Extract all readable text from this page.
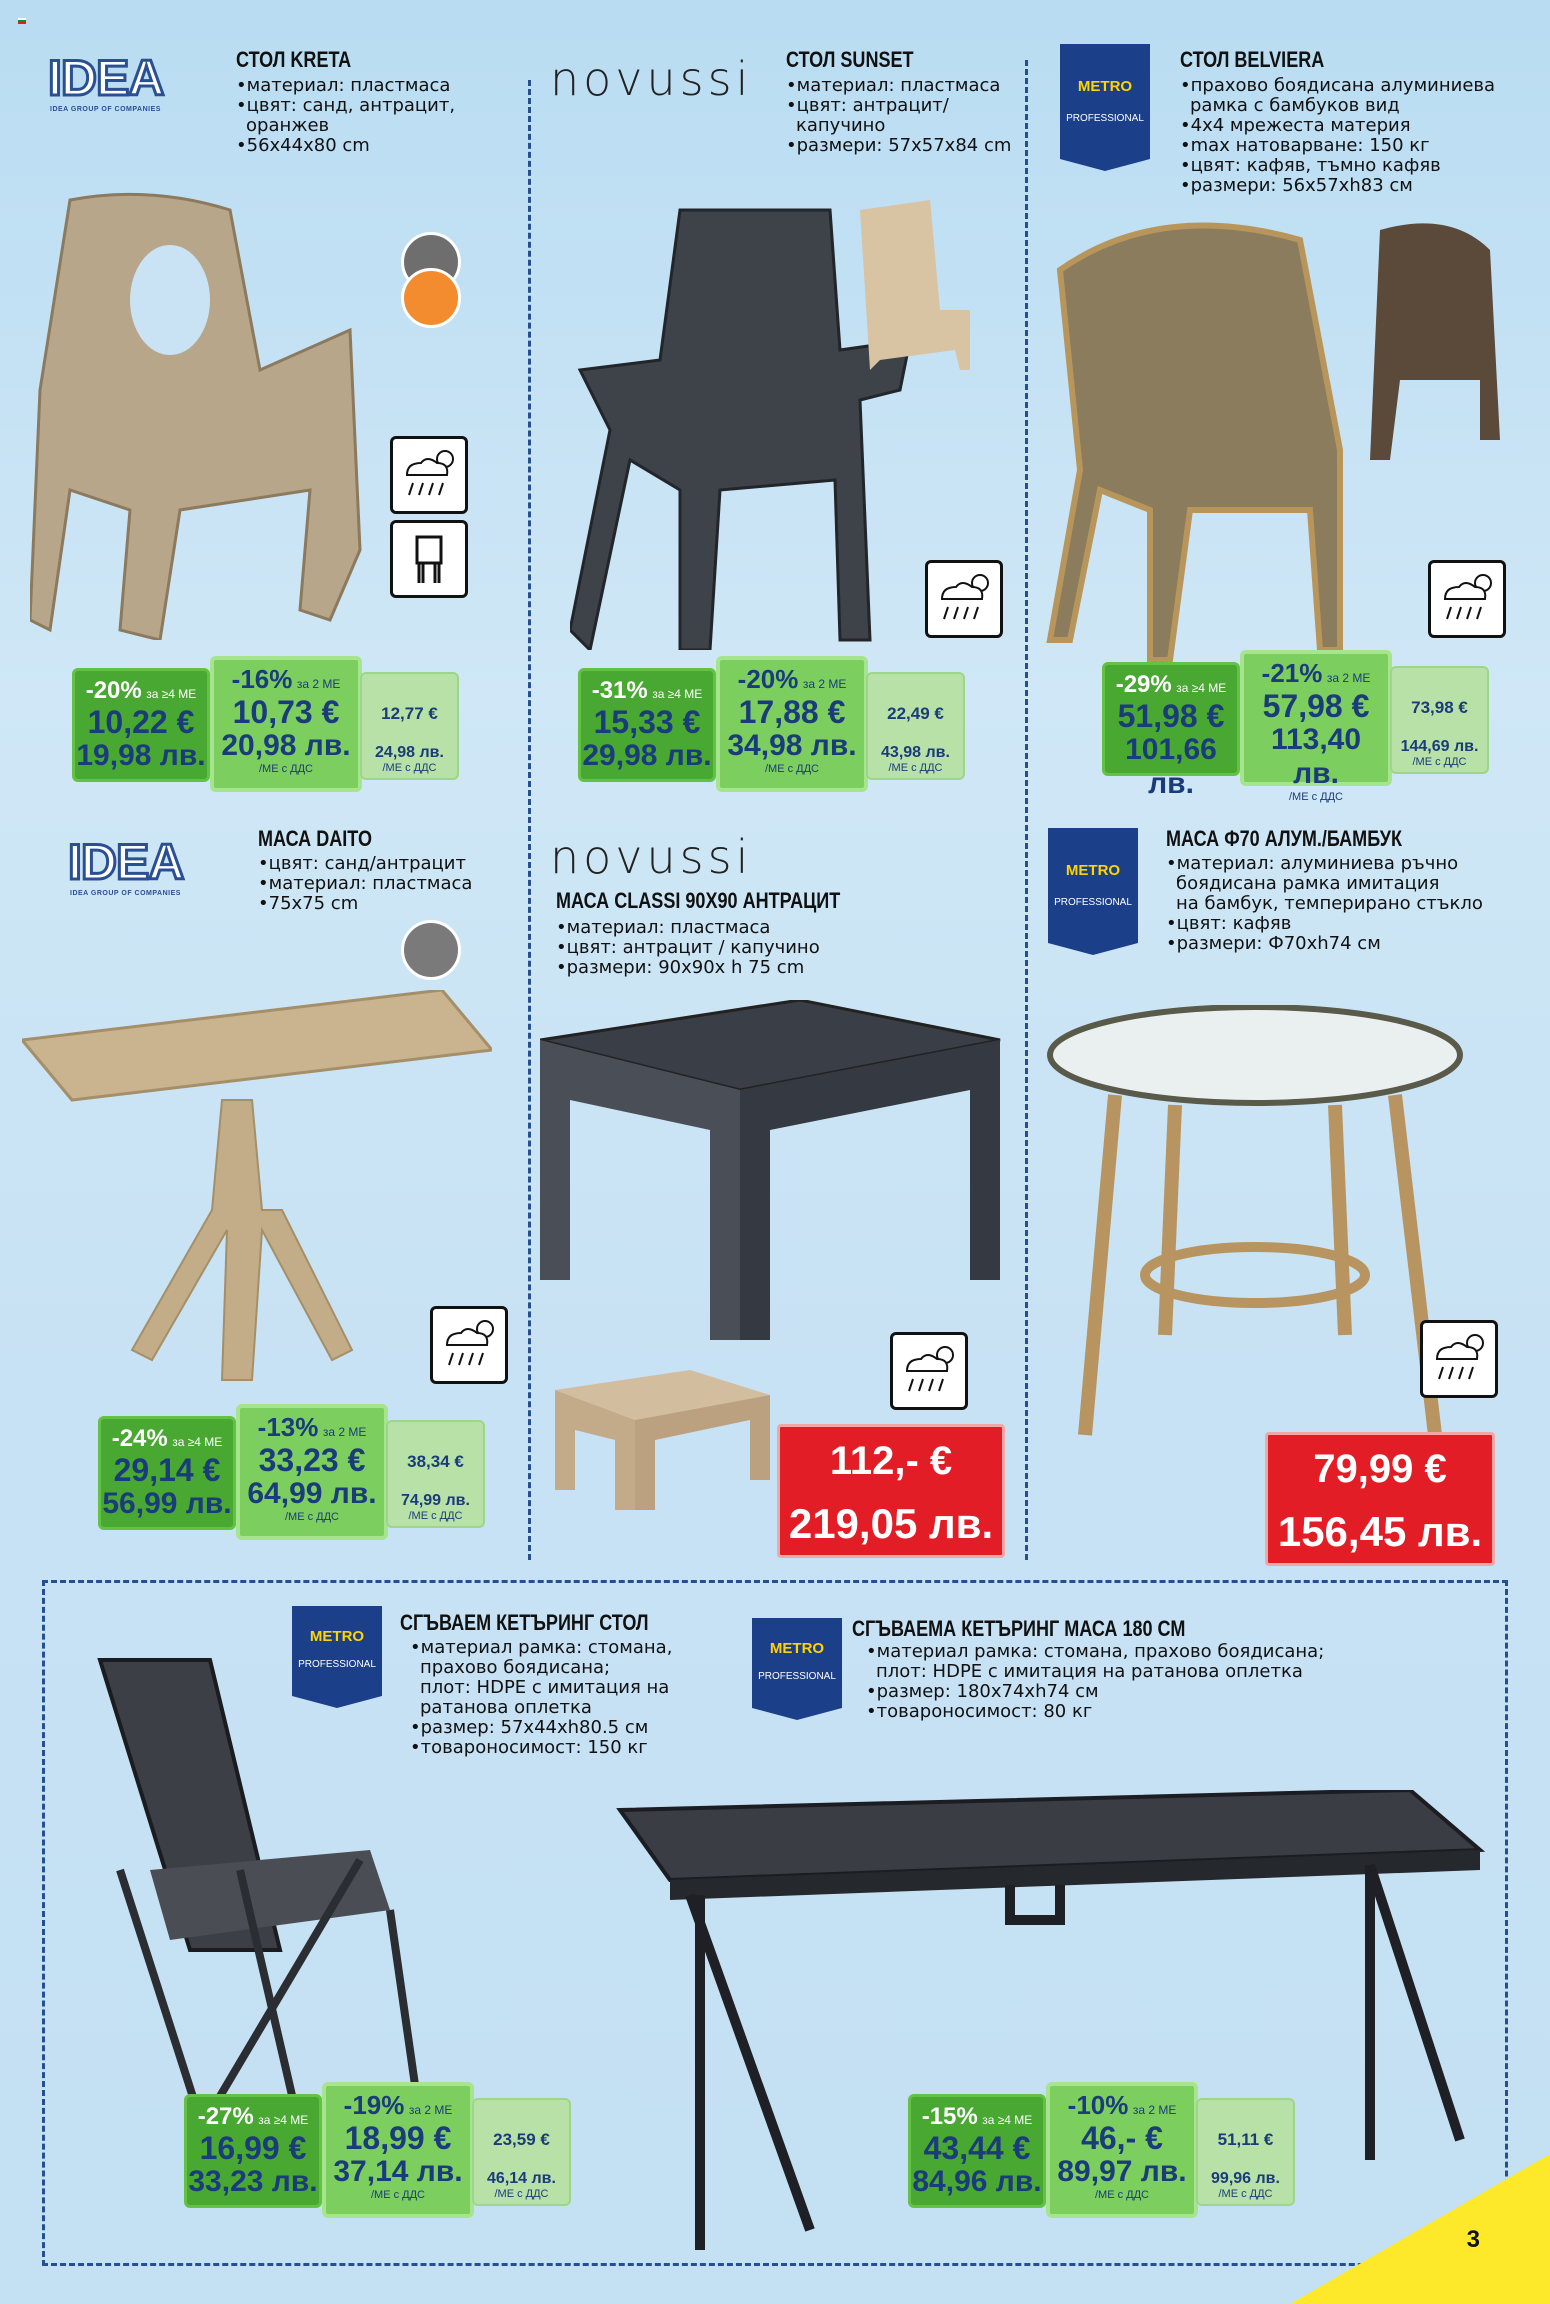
3
IDEA
IDEA GROUP OF COMPANIES
СТОЛ KRETA
• материал: пластмаса
• цвят: санд, антрацит,
оранжев
• 56x44x80 cm
-20% за ≥4 МЕ
10,22 €
19,98 лв.
-16% за 2 МЕ
10,73 €
20,98 лв.
/МЕ с ДДС
12,77 €
24,98 лв.
/МЕ с ДДС
novussi СТОЛ SUNSET
• материал: пластмаса
• цвят: антрацит/
капучино
• размери: 57x57x84 cm
-31% за ≥4 МЕ
15,33 €
29,98 лв.
-20% за 2 МЕ
17,88 €
34,98 лв.
/МЕ с ДДС
22,49 €
43,98 лв.
/МЕ с ДДС
METRO
PROFESSIONAL
СТОЛ BELVIERA
• прахово боядисана алуминиева
рамка с бамбуков вид
• 4x4 мрежеста материя
• max натоварване: 150 кг
• цвят: кафяв, тъмно кафяв
• размери: 56x57xh83 см
-29% за ≥4 МЕ
51,98 €
101,66 лв.
-21% за 2 МЕ
57,98 €
113,40 лв.
/МЕ с ДДС
73,98 €
144,69 лв.
/МЕ с ДДС
IDEA
IDEA GROUP OF COMPANIES
МАСА DAITO
• цвят: санд/антрацит
• материал: пластмаса
• 75x75 cm
-24% за ≥4 МЕ
29,14 €
56,99 лв.
-13% за 2 МЕ
33,23 €
64,99 лв.
/МЕ с ДДС
38,34 €
74,99 лв.
/МЕ с ДДС
novussi
МАСА CLASSI 90X90 АНТРАЦИТ
• материал: пластмаса
• цвят: антрацит / капучино
• размери: 90x90x h 75 cm
112,- €
219,05 лв.
METRO
PROFESSIONAL
МАСА Ф70 АЛУМ./БАМБУК
• материал: алуминиева ръчно
боядисана рамка имитация
на бамбук, темперирано стъкло
• цвят: кафяв
• размери: Ф70xh74 см
79,99 €
156,45 лв.
METRO
PROFESSIONAL
СГЪВАЕМ КЕТЪРИНГ СТОЛ
• материал рамка: стомана,
прахово боядисана;
плот: HDPE с имитация на
ратанова оплетка
• размер: 57x44xh80.5 см
• товароносимост: 150 кг
-27% за ≥4 МЕ
16,99 €
33,23 лв.
-19% за 2 МЕ
18,99 €
37,14 лв.
/МЕ с ДДС
23,59 €
46,14 лв.
/МЕ с ДДС
METRO
PROFESSIONAL
СГЪВАЕМА КЕТЪРИНГ МАСА 180 СМ
• материал рамка: стомана, прахово боядисана;
плот: HDPE с имитация на ратанова оплетка
• размер: 180x74xh74 см
• товароносимост: 80 кг
-15% за ≥4 МЕ
43,44 €
84,96 лв.
-10% за 2 МЕ
46,- €
89,97 лв.
/МЕ с ДДС
51,11 €
99,96 лв.
/МЕ с ДДС
